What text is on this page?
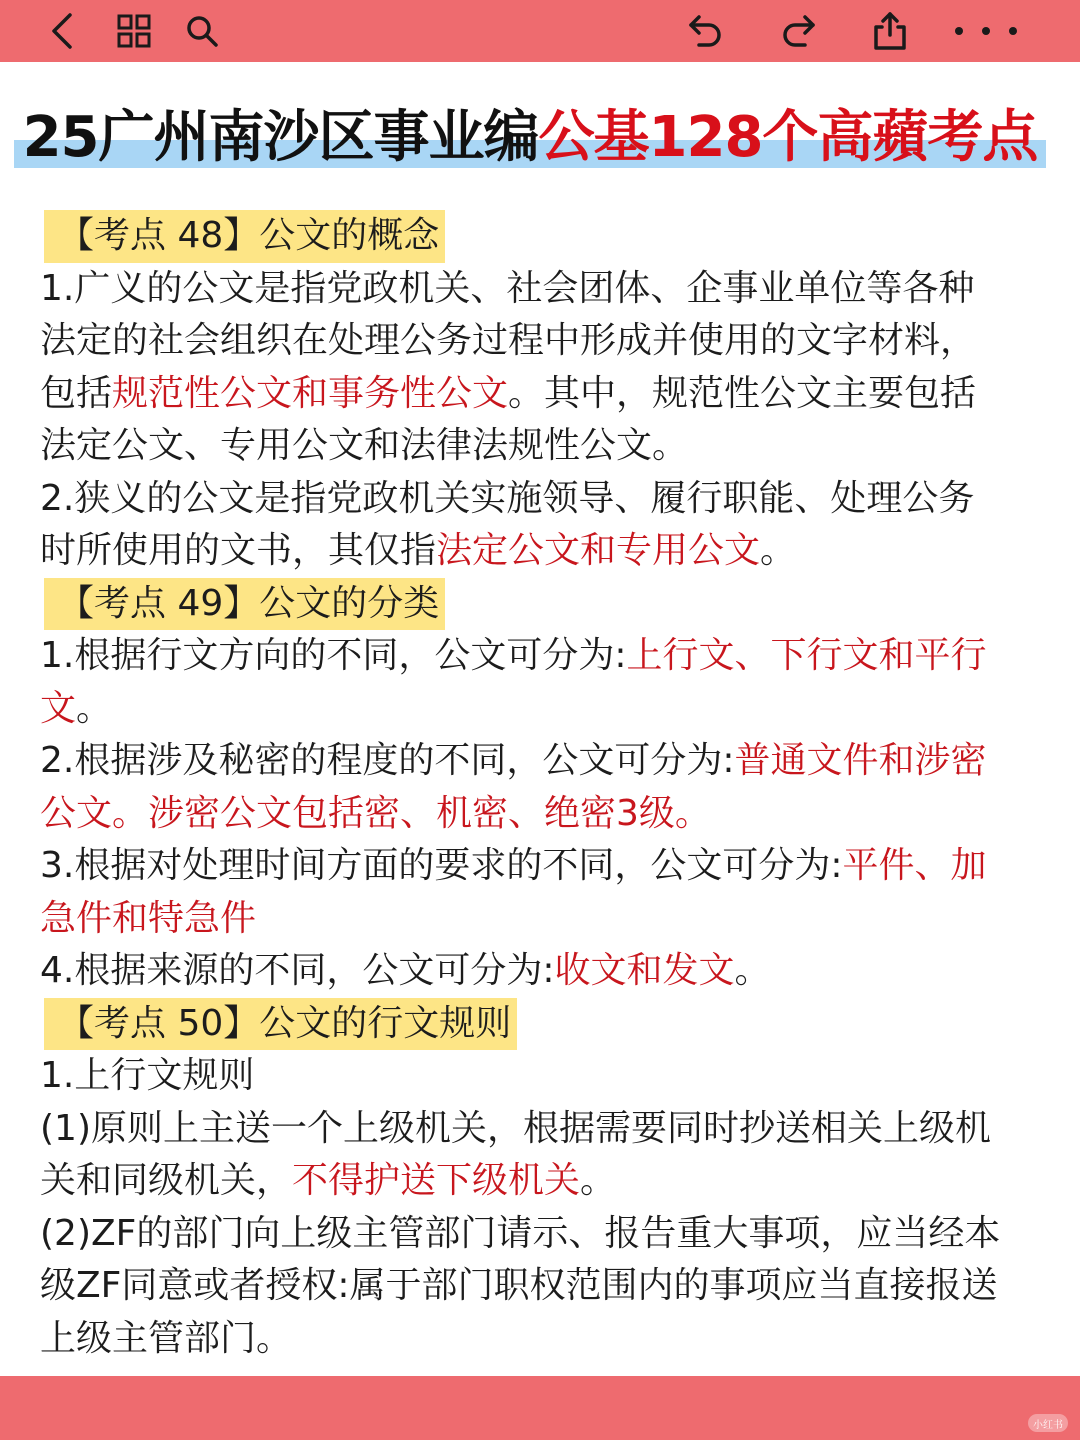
25广州南沙区事业编公基128个高蘋考点
【考点 48】公文的概念
1.广义的公文是指党政机关、社会团体、企事业单位等各种
法定的社会组织在处理公务过程中形成并使用的文字材料，
包括规范性公文和事务性公文。其中，规范性公文主要包括
法定公文、专用公文和法律法规性公文。
2.狭义的公文是指党政机关实施领导、履行职能、处理公务
时所使用的文书，其仅指法定公文和专用公文。
【考点 49】公文的分类
1.根据行文方向的不同，公文可分为:上行文、下行文和平行
文。
2.根据涉及秘密的程度的不同，公文可分为:普通文件和涉密
公文。涉密公文包括密、机密、绝密3级。
3.根据对处理时间方面的要求的不同，公文可分为:平件、加
急件和特急件
4.根据来源的不同，公文可分为:收文和发文。
【考点 50】公文的行文规则
1.上行文规则
(1)原则上主送一个上级机关，根据需要同时抄送相关上级机
关和同级机关，不得护送下级机关。
(2)ZF的部门向上级主管部门请示、报告重大事项，应当经本
级ZF同意或者授权:属于部门职权范围内的事项应当直接报送
上级主管部门。
小红书
